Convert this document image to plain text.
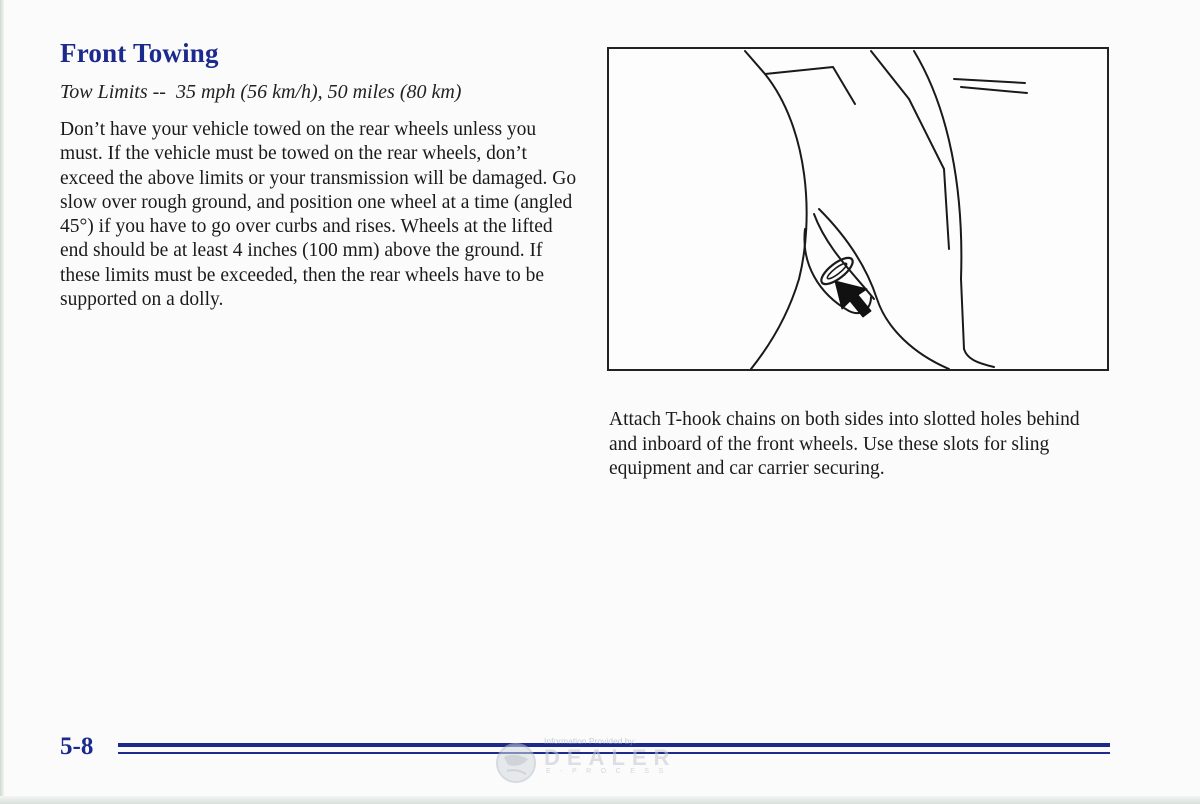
Front Towing
Tow Limits --  35 mph (56 km/h), 50 miles (80 km)

Don’t have your vehicle towed on the rear wheels unless you must. If the vehicle must be towed on the rear wheels, don’t exceed the above limits or your transmission will be damaged. Go slow over rough ground, and position one wheel at a time (angled 45°) if you have to go over curbs and rises. Wheels at the lifted end should be at least 4 inches (100 mm) above the ground. If these limits must be exceeded, then the rear wheels have to be supported on a dolly.

Attach T-hook chains on both sides into slotted holes behind and inboard of the front wheels. Use these slots for sling equipment and car carrier securing.

5-8	Information Provided by:
DEALER
E-PROCESS
